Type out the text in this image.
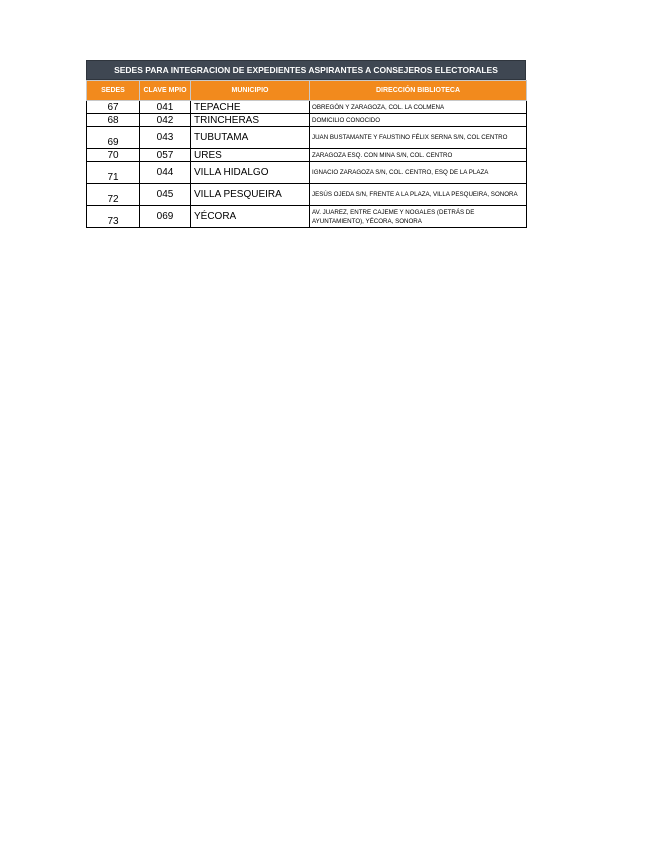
SEDES PARA INTEGRACION DE EXPEDIENTES ASPIRANTES A CONSEJEROS ELECTORALES
SEDES	CLAVE MPIO	MUNICIPIO	DIRECCIÓN BIBLIOTECA
67	041	TEPACHE	OBREGÓN Y ZARAGOZA, COL. LA COLMENA
68	042	TRINCHERAS	DOMICILIO CONOCIDO
69	043	TUBUTAMA	JUAN BUSTAMANTE Y FAUSTINO FÉLIX SERNA S/N, COL CENTRO
70	057	URES	ZARAGOZA ESQ. CON MINA S/N, COL. CENTRO
71	044	VILLA HIDALGO	IGNACIO ZARAGOZA S/N, COL. CENTRO, ESQ DE LA PLAZA
72	045	VILLA PESQUEIRA	JESÚS OJEDA S/N, FRENTE A LA PLAZA, VILLA PESQUEIRA, SONORA
73	069	YÉCORA	AV. JUAREZ, ENTRE CAJEME Y NOGALES (DETRÁS DE AYUNTAMIENTO), YÉCORA, SONORA
